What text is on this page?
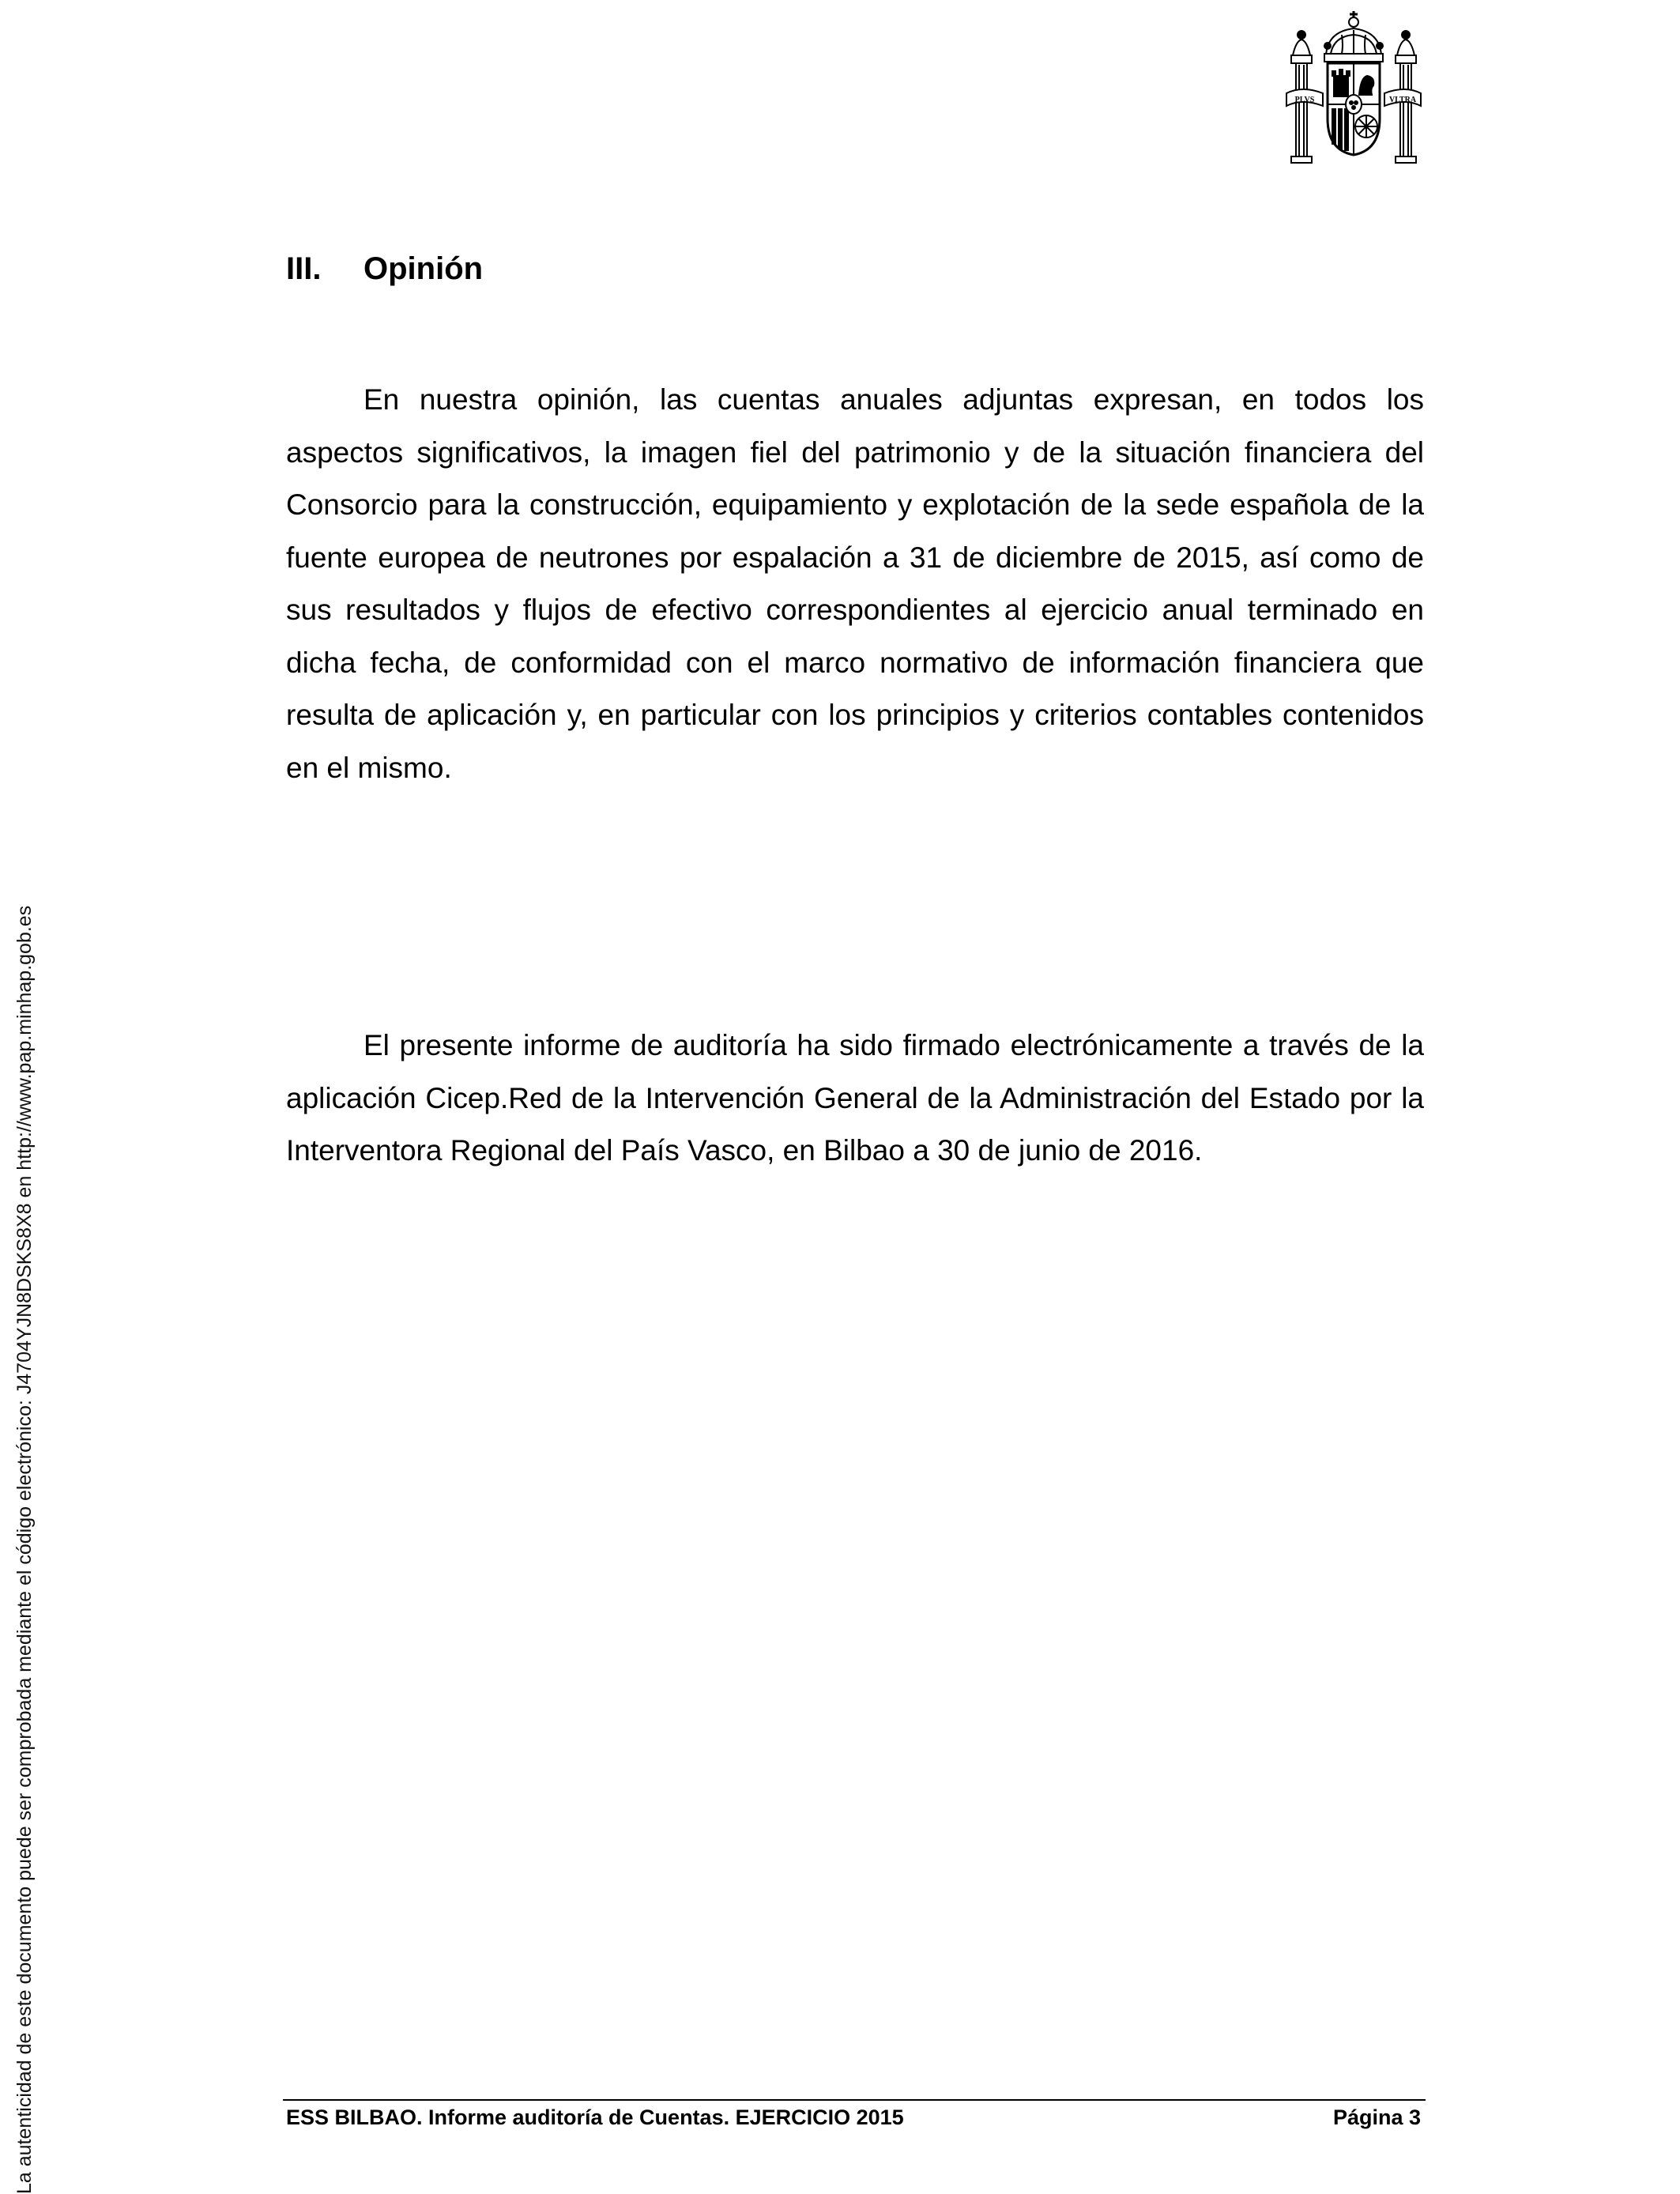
PLVS	VLTRA
III. Opinión

En nuestra opinión, las cuentas anuales adjuntas expresan, en todos los aspectos significativos, la imagen fiel del patrimonio y de la situación financiera del Consorcio para la construcción, equipamiento y explotación de la sede española de la fuente europea de neutrones por espalación a 31 de diciembre de 2015, así como de sus resultados y flujos de efectivo correspondientes al ejercicio anual terminado en dicha fecha, de conformidad con el marco normativo de información financiera que resulta de aplicación y, en particular con los principios y criterios contables contenidos en el mismo.

El presente informe de auditoría ha sido firmado electrónicamente a través de la aplicación Cicep.Red de la Intervención General de la Administración del Estado por la Interventora Regional del País Vasco, en Bilbao a 30 de junio de 2016.

ESS BILBAO. Informe auditoría de Cuentas. EJERCICIO 2015	Página 3
La autenticidad de este documento puede ser comprobada mediante el código electrónico: J4704YJN8DSKS8X8 en http://www.pap.minhap.gob.es
